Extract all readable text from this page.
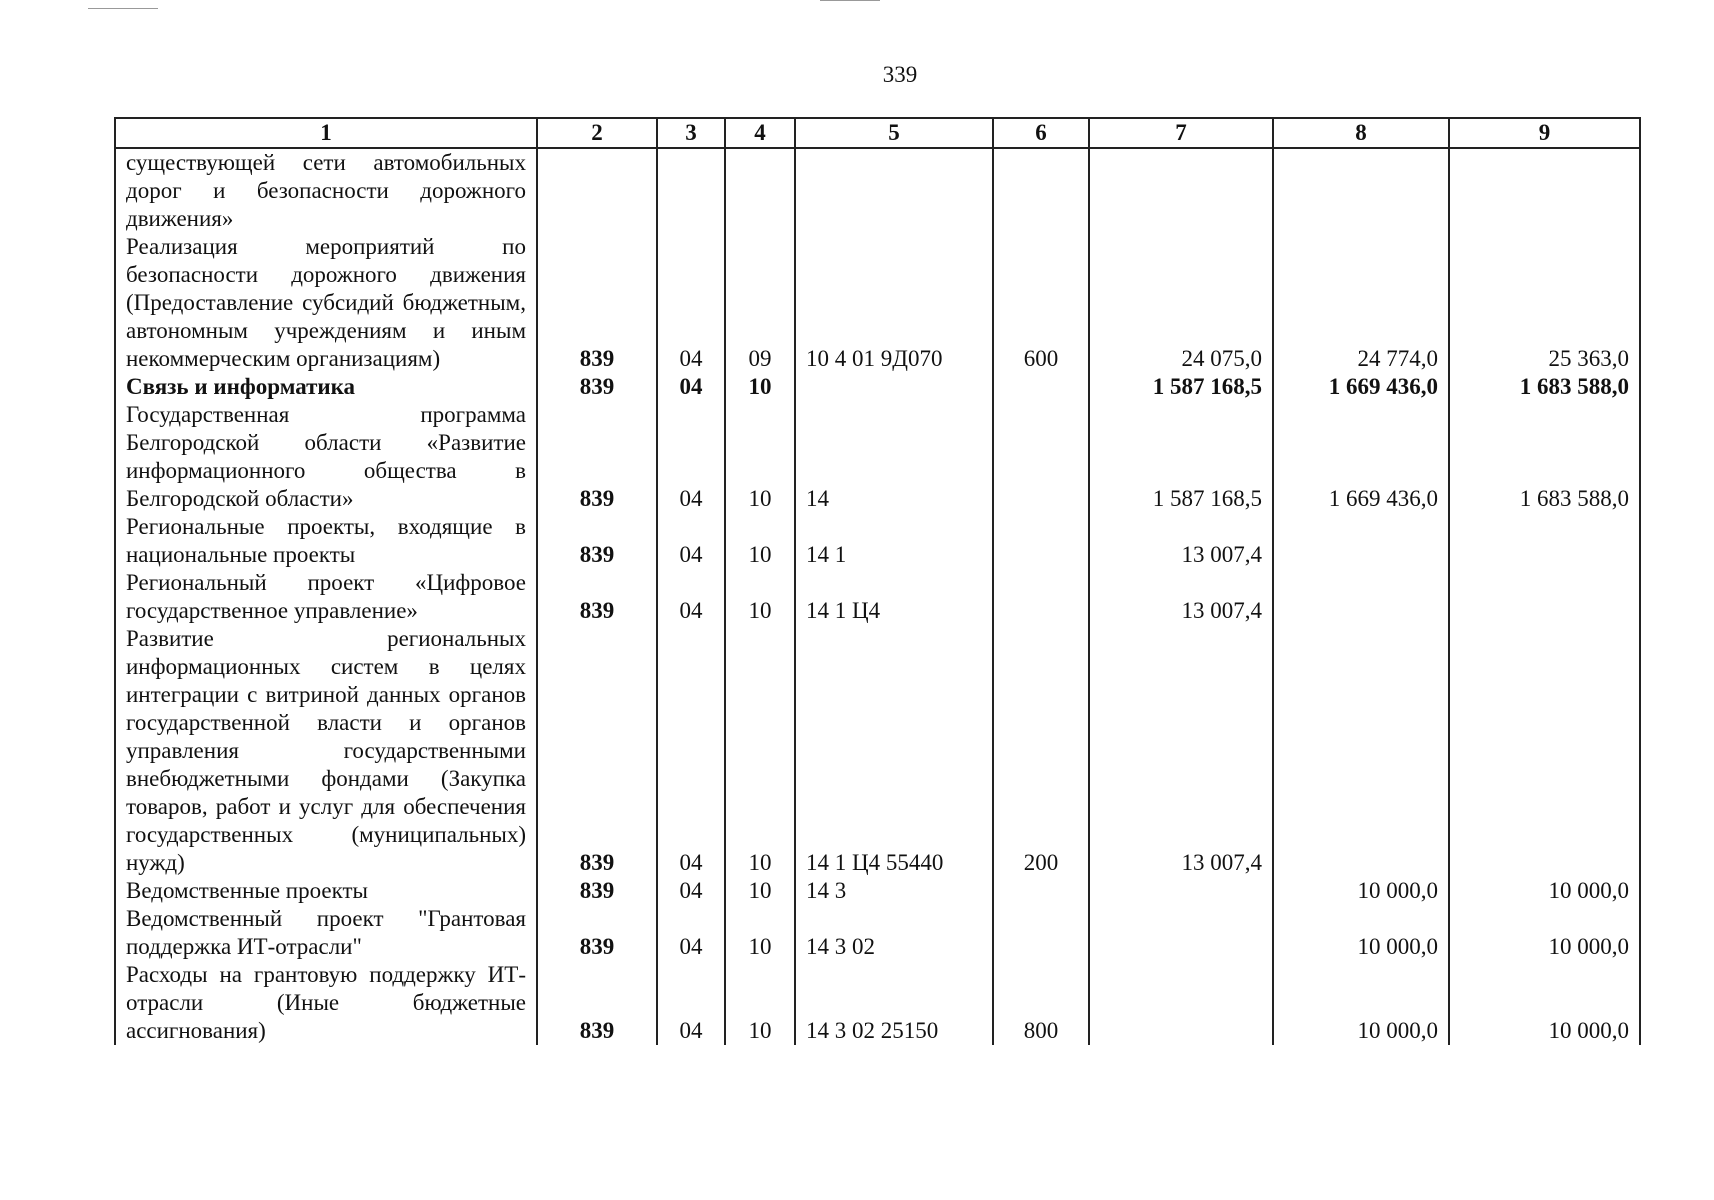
339
1	2	3	4	5	6	7	8	9
существующей сети автомобильных дорог и безопасности дорожного движения»								
Реализация мероприятий по безопасности дорожного движения (Предоставление субсидий бюджетным, автономным учреждениям и иным некоммерческим организациям)	839	04	09	10 4 01 9Д070	600	24 075,0	24 774,0	25 363,0
Связь и информатика	839	04	10			1 587 168,5	1 669 436,0	1 683 588,0
Государственная программа Белгородской области «Развитие информационного общества в Белгородской области»	839	04	10	14		1 587 168,5	1 669 436,0	1 683 588,0
Региональные проекты, входящие в национальные проекты	839	04	10	14 1		13 007,4		
Региональный проект «Цифровое государственное управление»	839	04	10	14 1 Ц4		13 007,4		
Развитие региональных информационных систем в целях интеграции с витриной данных органов государственной власти и органов управления государственными внебюджетными фондами (Закупка товаров, работ и услуг для обеспечения государственных (муниципальных) нужд)	839	04	10	14 1 Ц4 55440	200	13 007,4		
Ведомственные проекты	839	04	10	14 3			10 000,0	10 000,0
Ведомственный проект "Грантовая поддержка ИТ-отрасли"	839	04	10	14 3 02			10 000,0	10 000,0
Расходы на грантовую поддержку ИТ-отрасли (Иные бюджетные ассигнования)	839	04	10	14 3 02 25150	800		10 000,0	10 000,0
